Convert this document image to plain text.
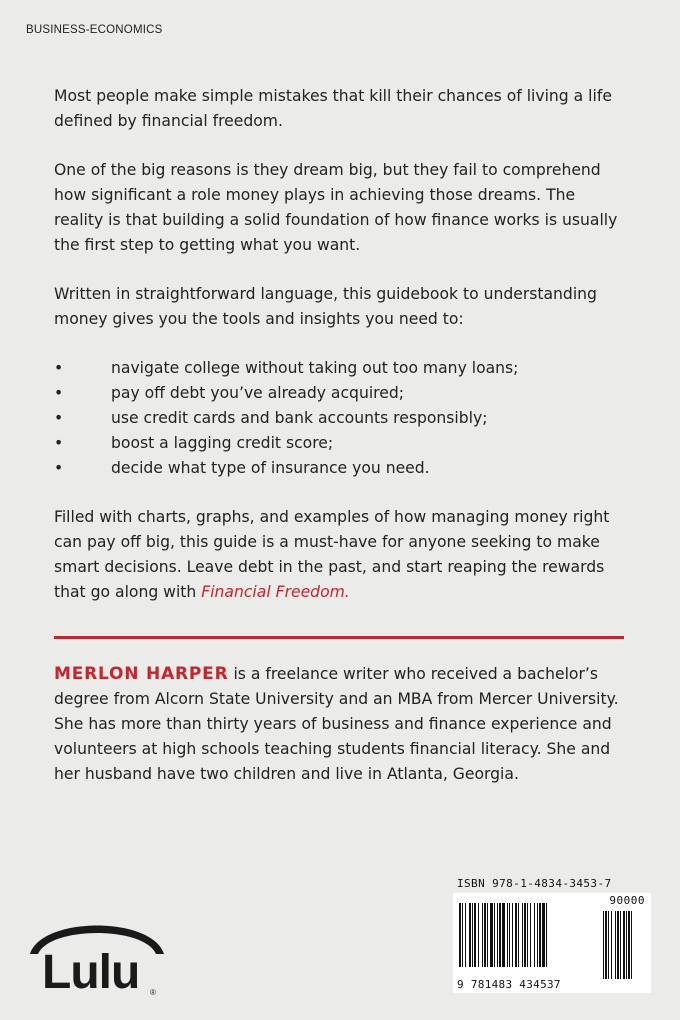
BUSINESS-ECONOMICS

Most people make simple mistakes that kill their chances of living a life defined by financial freedom.

One of the big reasons is they dream big, but they fail to comprehend how significant a role money plays in achieving those dreams. The reality is that building a solid foundation of how finance works is usually the first step to getting what you want.

Written in straightforward language, this guidebook to understanding money gives you the tools and insights you need to:

•	navigate college without taking out too many loans;
•	pay off debt you’ve already acquired;
•	use credit cards and bank accounts responsibly;
•	boost a lagging credit score;
•	decide what type of insurance you need.

Filled with charts, graphs, and examples of how managing money right can pay off big, this guide is a must-have for anyone seeking to make smart decisions. Leave debt in the past, and start reaping the rewards that go along with Financial Freedom.

MERLON HARPER is a freelance writer who received a bachelor’s degree from Alcorn State University and an MBA from Mercer University. She has more than thirty years of business and finance experience and volunteers at high schools teaching students financial literacy. She and her husband have two children and live in Atlanta, Georgia.
Lulu ®
ISBN 978-1-4834-3453-7
90000
9 781483 434537
